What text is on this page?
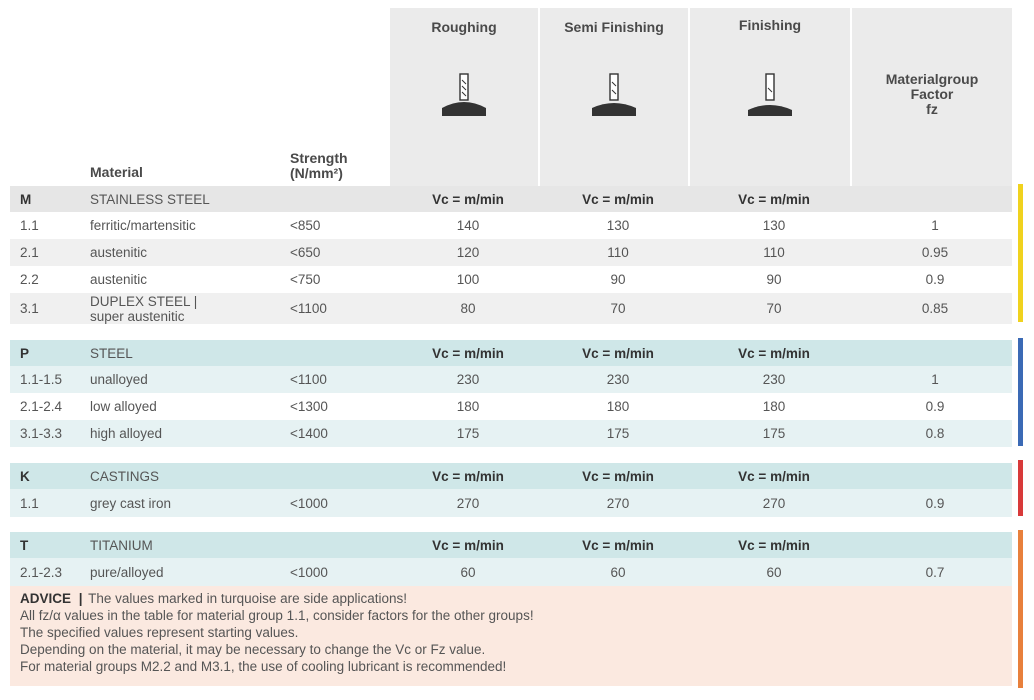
Roughing	Semi Finishing	Finishing
Materialgroup
Factor
fz
Material
Strength
(N/mm²)
M	STAINLESS STEEL	Vc = m/min	Vc = m/min	Vc = m/min
1.1	ferritic/martensitic	<850	140	130	130	1
2.1	austenitic	<650	120	110	110	0.95
2.2	austenitic	<750	100	90	90	0.9
3.1	DUPLEX STEEL |
super austenitic	<1100	80	70	70	0.85
P	STEEL	Vc = m/min	Vc = m/min	Vc = m/min
1.1-1.5 unalloyed	<1100	230	230	230	1
2.1-2.4 low alloyed	<1300	180	180	180	0.9
3.1-3.3 high alloyed	<1400	175	175	175	0.8
K	CASTINGS	Vc = m/min	Vc = m/min	Vc = m/min
1.1	grey cast iron	<1000	270	270	270	0.9
T	TITANIUM	Vc = m/min	Vc = m/min	Vc = m/min
2.1-2.3 pure/alloyed	<1000	60	60	60	0.7
ADVICE | The values marked in turquoise are side applications!
All fz/α values in the table for material group 1.1, consider factors for the other groups!
The specified values represent starting values.
Depending on the material, it may be necessary to change the Vc or Fz value.
For material groups M2.2 and M3.1, the use of cooling lubricant is recommended!
